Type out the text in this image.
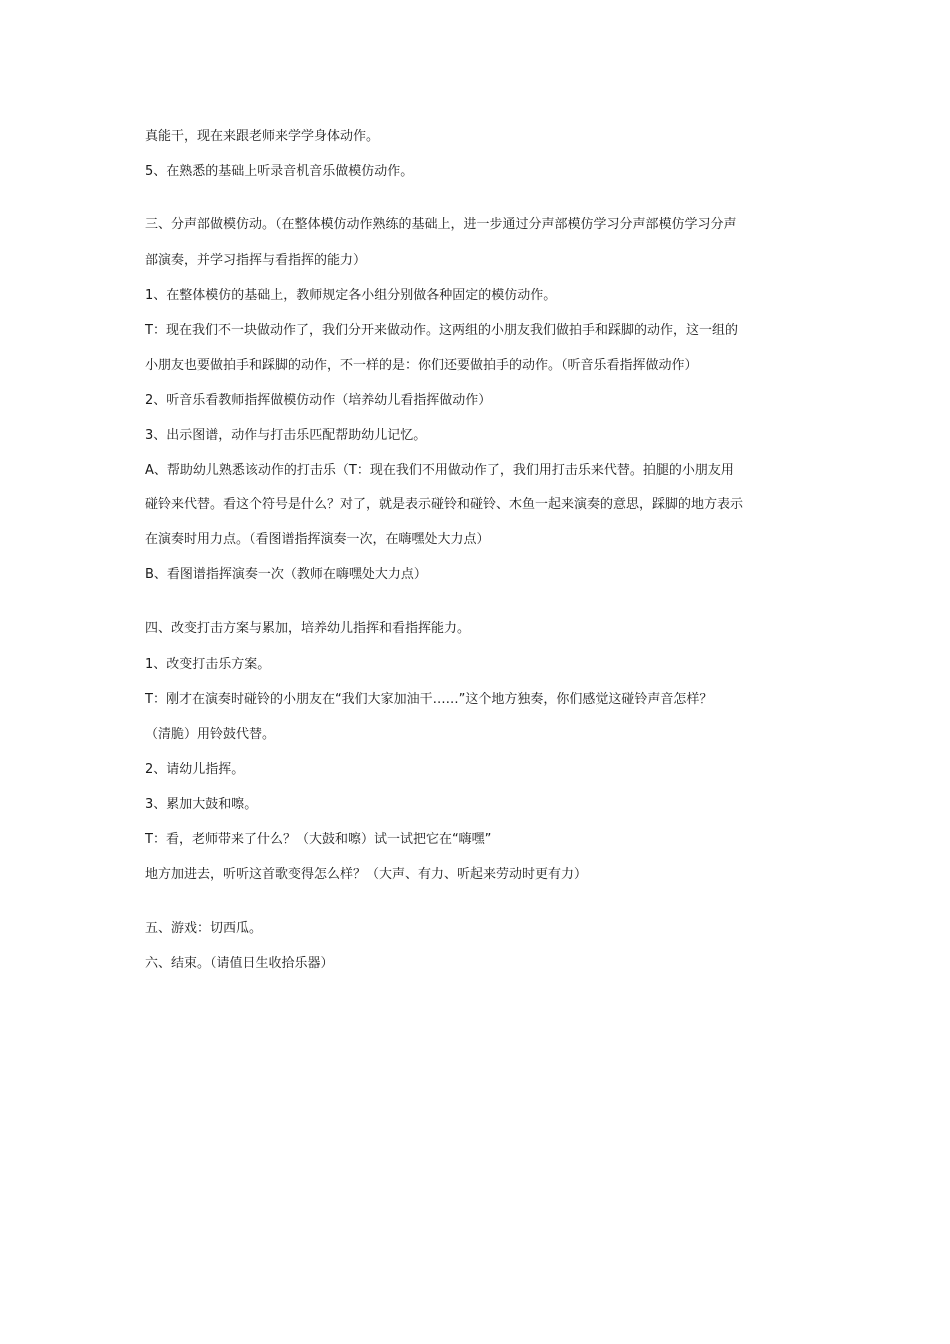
真能干，现在来跟老师来学学身体动作。
5、在熟悉的基础上听录音机音乐做模仿动作。
三、分声部做模仿动。（在整体模仿动作熟练的基础上，进一步通过分声部模仿学习分声部模仿学习分声
部演奏，并学习指挥与看指挥的能力）
1、在整体模仿的基础上，教师规定各小组分别做各种固定的模仿动作。
T：现在我们不一块做动作了，我们分开来做动作。这两组的小朋友我们做拍手和踩脚的动作，这一组的
小朋友也要做拍手和踩脚的动作，不一样的是：你们还要做拍手的动作。（听音乐看指挥做动作）
2、听音乐看教师指挥做模仿动作（培养幼儿看指挥做动作）
3、出示图谱，动作与打击乐匹配帮助幼儿记忆。
A、帮助幼儿熟悉该动作的打击乐（T：现在我们不用做动作了，我们用打击乐来代替。拍腿的小朋友用
碰铃来代替。看这个符号是什么？对了，就是表示碰铃和碰铃、木鱼一起来演奏的意思，踩脚的地方表示
在演奏时用力点。（看图谱指挥演奏一次，在嗨嘿处大力点）
B、看图谱指挥演奏一次（教师在嗨嘿处大力点）
四、改变打击方案与累加，培养幼儿指挥和看指挥能力。
1、改变打击乐方案。
T：刚才在演奏时碰铃的小朋友在“我们大家加油干……”这个地方独奏，你们感觉这碰铃声音怎样？
（清脆）用铃鼓代替。
2、请幼儿指挥。
3、累加大鼓和嚓。
T：看，老师带来了什么？（大鼓和嚓）试一试把它在“嗨嘿”
地方加进去，听听这首歌变得怎么样？（大声、有力、听起来劳动时更有力）
五、游戏：切西瓜。
六、结束。（请值日生收拾乐器）
